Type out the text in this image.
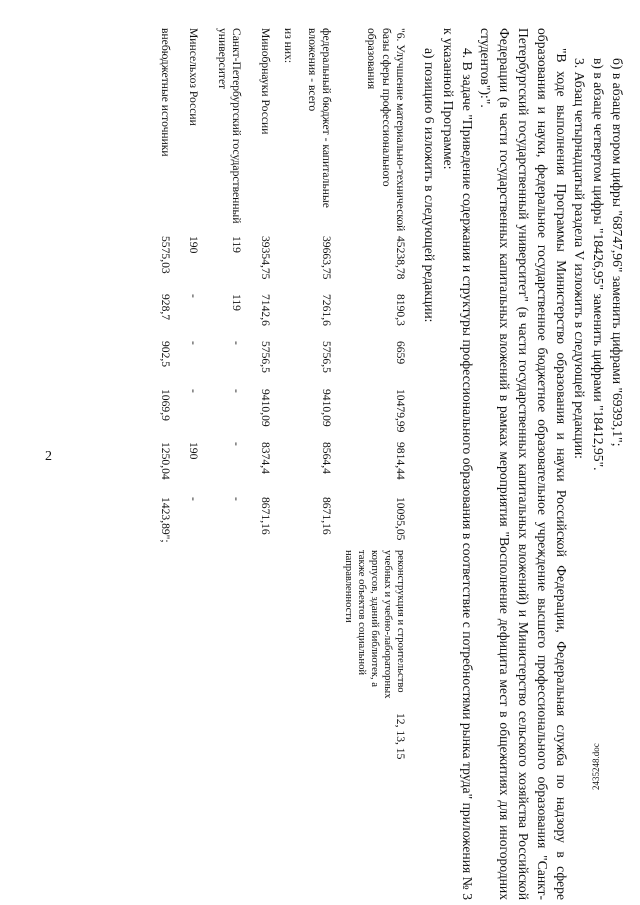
2

б) в абзаце втором цифры "68747,96" заменить цифрами "69393,1";

в) в абзаце четвертом цифры "18426,95" заменить цифрами "18412,95".

3. Абзац четырнадцатый раздела V изложить в следующей редакции:

"В ходе выполнения Программы Министерство образования и науки Российской Федерации, Федеральная служба по надзору в сфере образования и науки, федеральное государственное бюджетное образовательное учреждение высшего профессионального образования "Санкт-Петербургский государственный университет" (в части государственных капитальных вложений) и Министерство сельского хозяйства Российской Федерации (в части государственных капитальных вложений в рамках мероприятия "Восполнение дефицита мест в общежитиях для иногородних студентов"):".

4. В задаче "Приведение содержания и структуры профессионального образования в соответствие с потребностями рынка труда" приложения № 3 к указанной Программе:

а) позицию 6 изложить в следующей редакции:

"6. Улучшение материально-технической базы сферы профессионального образования	45238,78	8190,3	6659	10479,99	9814,44	10095,05	реконструкция и строительство учебных и учебно-лабораторных корпусов, зданий библиотек, а также объектов социальной направленности	12, 13, 15
федеральный бюджет - капитальные вложения - всего	39663,75	7261,6	5756,5	9410,09	8564,4	8671,16		
из них:								
Минобрнауки России	39354,75	7142,6	5756,5	9410,09	8374,4	8671,16		
Санкт-Петербургский государственный университет	119	119	-	-	-	-		
Минсельхоз России	190	-	-	-	190	-		
внебюджетные источники	5575,03	928,7	902,5	1069,9	1250,04	1423,89";		
2435248.doc
